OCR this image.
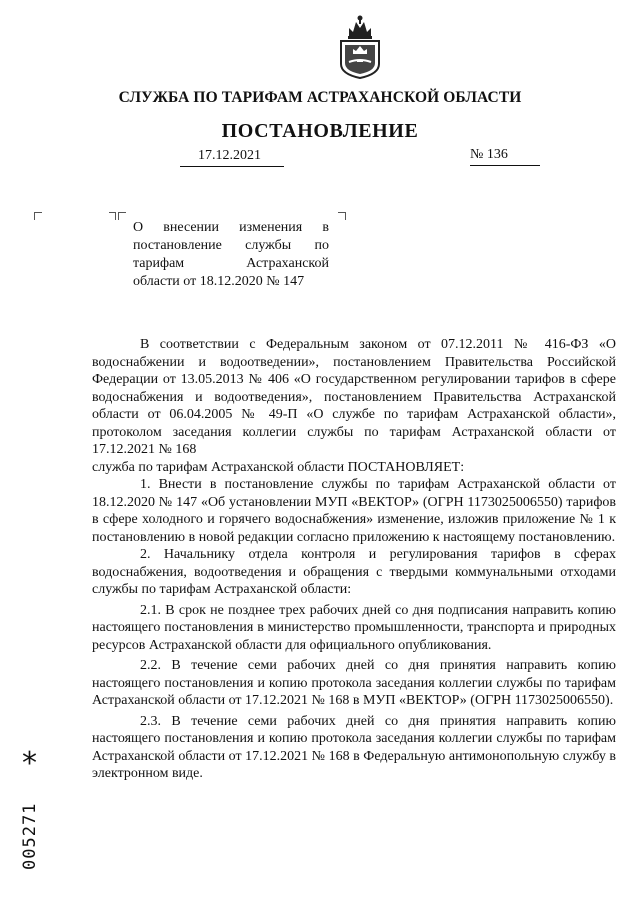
СЛУЖБА ПО ТАРИФАМ АСТРАХАНСКОЙ ОБЛАСТИ
ПОСТАНОВЛЕНИЕ
17.12.2021	№ 136
О внесении изменения в
постановление службы по
тарифам Астраханской
области от 18.12.2020 № 147

В соответствии с Федеральным законом от 07.12.2011 № 416-ФЗ «О водоснабжении и водоотведении», постановлением Правительства Российской Федерации от 13.05.2013 № 406 «О государственном регулировании тарифов в сфере водоснабжения и водоотведения», постановлением Правительства Астраханской области от 06.04.2005 № 49-П «О службе по тарифам Астраханской области», протоколом заседания коллегии службы по тарифам Астраханской области от 17.12.2021 № 168

служба по тарифам Астраханской области ПОСТАНОВЛЯЕТ:

1. Внести в постановление службы по тарифам Астраханской области от 18.12.2020 № 147 «Об установлении МУП «ВЕКТОР» (ОГРН 1173025006550) тарифов в сфере холодного и горячего водоснабжения» изменение, изложив приложение № 1 к постановлению в новой редакции согласно приложению к настоящему постановлению.

2. Начальнику отдела контроля и регулирования тарифов в сферах водоснабжения, водоотведения и обращения с твердыми коммунальными отходами службы по тарифам Астраханской области:

2.1. В срок не позднее трех рабочих дней со дня подписания направить копию настоящего постановления в министерство промышленности, транспорта и природных ресурсов Астраханской области для официального опубликования.

2.2. В течение семи рабочих дней со дня принятия направить копию настоящего постановления и копию протокола заседания коллегии службы по тарифам Астраханской области от 17.12.2021 № 168 в МУП «ВЕКТОР» (ОГРН 1173025006550).

2.3. В течение семи рабочих дней со дня принятия направить копию настоящего постановления и копию протокола заседания коллегии службы по тарифам Астраханской области от 17.12.2021 № 168 в Федеральную антимонопольную службу в электронном виде.

*
005271
